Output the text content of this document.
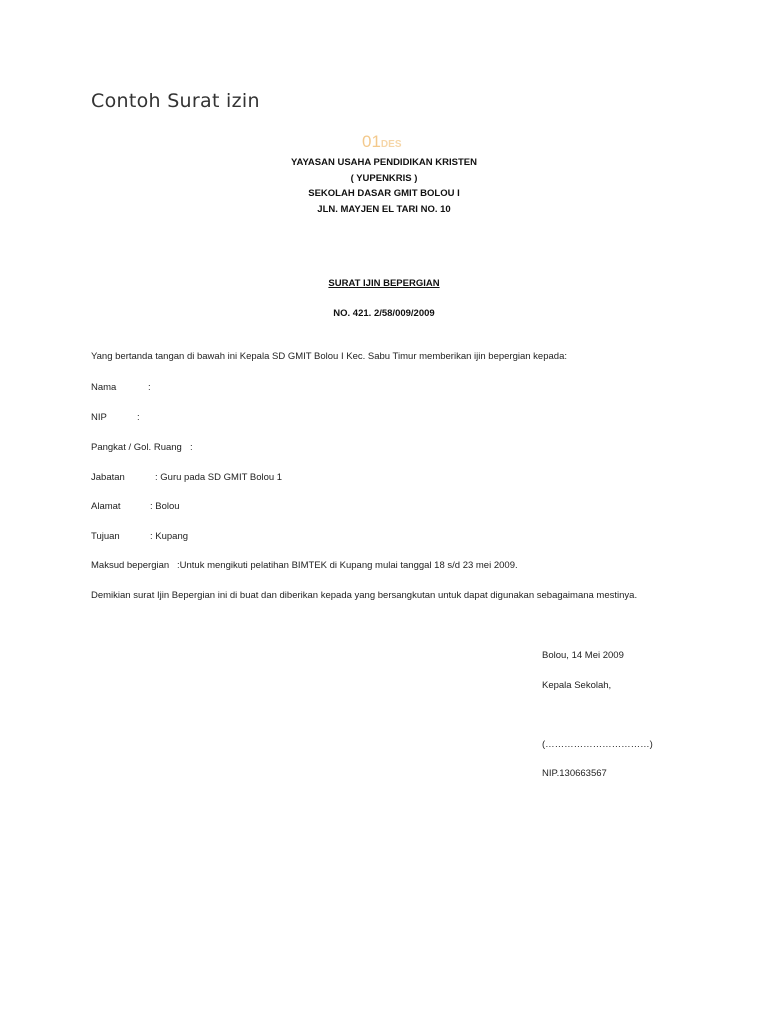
Contoh Surat izin
01DES
YAYASAN USAHA PENDIDIKAN KRISTEN
( YUPENKRIS )
SEKOLAH DASAR GMIT BOLOU I
JLN. MAYJEN EL TARI NO. 10
SURAT IJIN BEPERGIAN
NO. 421. 2/58/009/2009
Yang bertanda tangan di bawah ini Kepala SD GMIT Bolou I Kec. Sabu Timur memberikan ijin bepergian kepada:
Nama	:
NIP	:
Pangkat / Gol. Ruang :
Jabatan	: Guru pada SD GMIT Bolou 1
Alamat	: Bolou
Tujuan	: Kupang
Maksud bepergian :Untuk mengikuti pelatihan BIMTEK di Kupang mulai tanggal 18 s/d 23 mei 2009.
Demikian surat Ijin Bepergian ini di buat dan diberikan kepada yang bersangkutan untuk dapat digunakan sebagaimana mestinya.
Bolou, 14 Mei 2009
Kepala Sekolah,
(……………………………)
NIP.130663567
